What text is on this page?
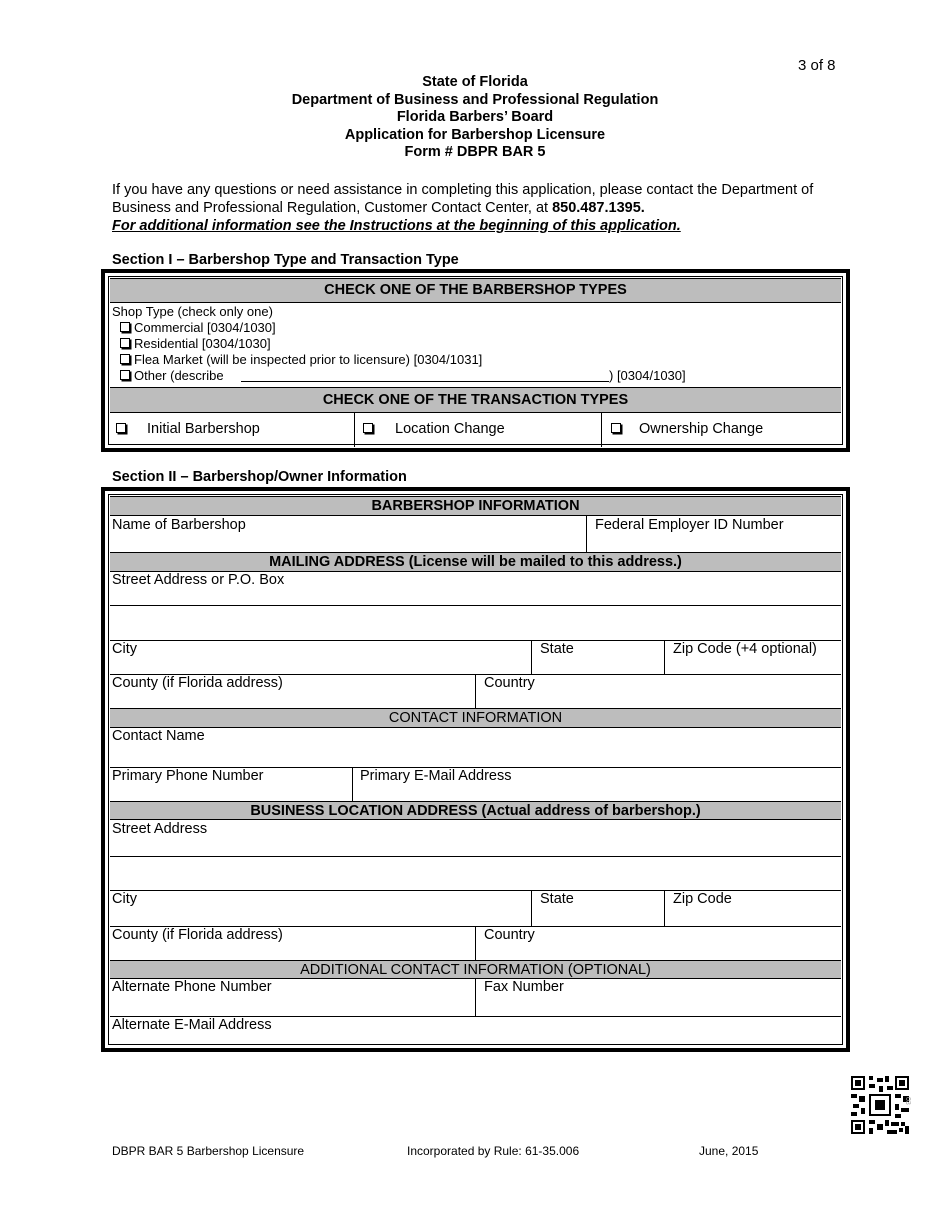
3 of 8
State of Florida
Department of Business and Professional Regulation
Florida Barbers’ Board
Application for Barbershop Licensure
Form # DBPR BAR 5
If you have any questions or need assistance in completing this application, please contact the Department of Business and Professional Regulation, Customer Contact Center, at 850.487.1395.
For additional information see the Instructions at the beginning of this application.
Section I – Barbershop Type and Transaction Type
CHECK ONE OF THE BARBERSHOP TYPES
Shop Type (check only one)
Commercial [0304/1030]
Residential [0304/1030]
Flea Market (will be inspected prior to licensure) [0304/1031]
Other (describe	) [0304/1030]
CHECK ONE OF THE TRANSACTION TYPES
Initial Barbershop	Location Change	Ownership Change
Section II – Barbershop/Owner Information
BARBERSHOP INFORMATION
Name of Barbershop	Federal Employer ID Number
MAILING ADDRESS (License will be mailed to this address.)
Street Address or P.O. Box
City	State	Zip Code (+4 optional)
County (if Florida address)	Country
CONTACT INFORMATION
Contact Name
Primary Phone Number	Primary E-Mail Address
BUSINESS LOCATION ADDRESS (Actual address of barbershop.)
Street Address
City	State	Zip Code
County (if Florida address)	Country
ADDITIONAL CONTACT INFORMATION (OPTIONAL)
Alternate Phone Number	Fax Number
Alternate E-Mail Address
03
DBPR BAR 5 Barbershop Licensure	Incorporated by Rule: 61-35.006	June, 2015
